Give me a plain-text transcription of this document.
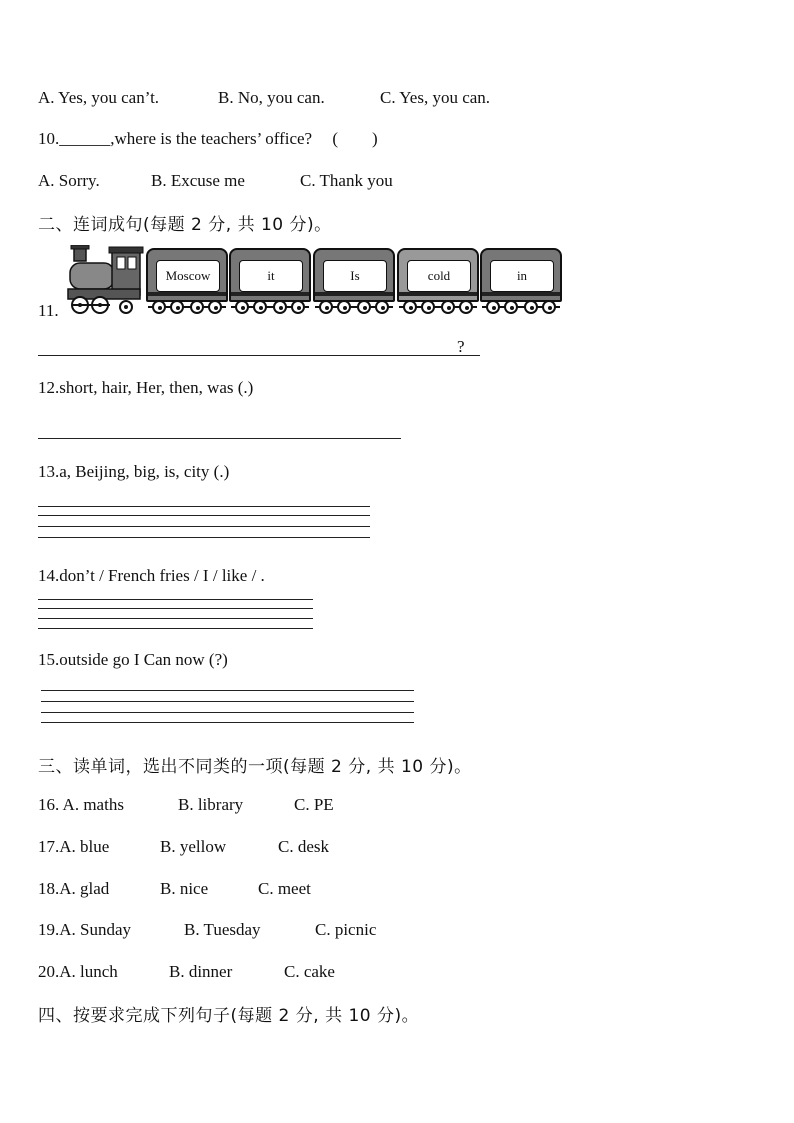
A. Yes, you can’t.	B. No, you can.	C. Yes, you can.
10.______,where is the teachers’ office? (　　)
A. Sorry.	B. Excuse me	C. Thank you
二、连词成句(每题 2 分, 共 10 分)。
11.
Moscow	it	Is	cold	in
?
12.short, hair, Her, then, was (.)
13.a, Beijing, big, is, city (.)
14.don’t / French fries / I / like / .
15.outside go I Can now (?)
三、读单词，选出不同类的一项(每题 2 分, 共 10 分)。
16. A. maths	B. library	C. PE
17.A. blue	B. yellow	C. desk
18.A. glad	B. nice	C. meet
19.A. Sunday	B. Tuesday	C. picnic
20.A. lunch	B. dinner	C. cake
四、按要求完成下列句子(每题 2 分, 共 10 分)。
